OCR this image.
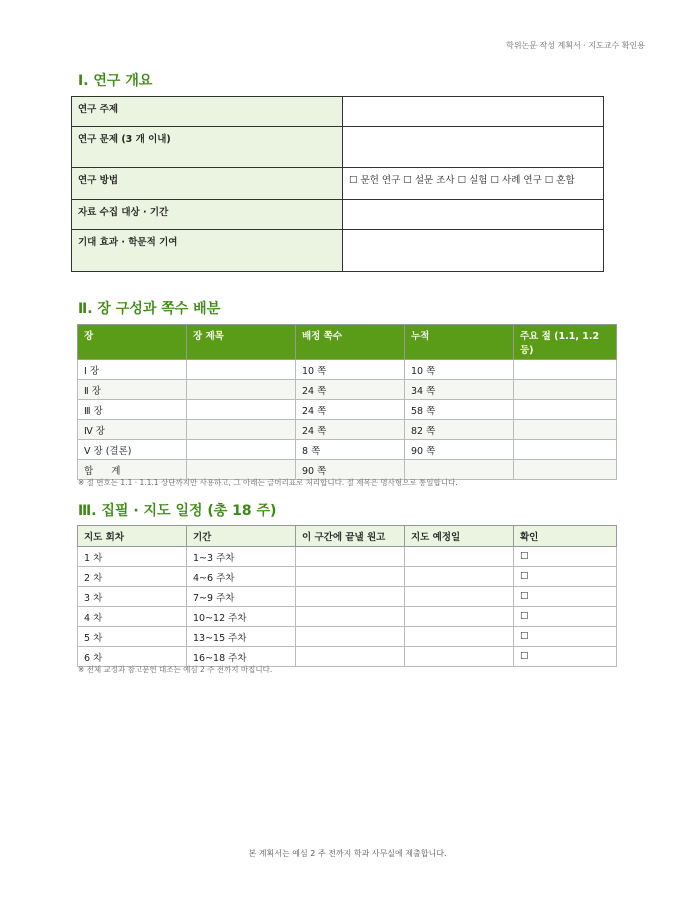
학위논문 작성 계획서 · 지도교수 확인용
Ⅰ. 연구 개요
연구 주제	
연구 문제 (3 개 이내)	
연구 방법	☐ 문헌 연구 ☐ 설문 조사 ☐ 실험 ☐ 사례 연구 ☐ 혼합
자료 수집 대상 · 기간	
기대 효과 · 학문적 기여	
Ⅱ. 장 구성과 쪽수 배분
장	장 제목	배정 쪽수	누적	주요 절 (1.1, 1.2 등)
Ⅰ 장		10 쪽	10 쪽	
Ⅱ 장		24 쪽	34 쪽	
Ⅲ 장		24 쪽	58 쪽	
Ⅳ 장		24 쪽	82 쪽	
Ⅴ 장 (결론)		8 쪽	90 쪽	
합      계		90 쪽		
※ 절 번호는 1.1 · 1.1.1 상단까지만 사용하고, 그 아래는 글머리표로 처리합니다. 절 제목은 명사형으로 통일합니다.
Ⅲ. 집필 · 지도 일정 (총 18 주)
지도 회차	기간	이 구간에 끝낼 원고	지도 예정일	확인
1 차	1~3 주차			☐
2 차	4~6 주차			☐
3 차	7~9 주차			☐
4 차	10~12 주차			☐
5 차	13~15 주차			☐
6 차	16~18 주차			☐
※ 전체 교정과 참고문헌 대조는 예심 2 주 전까지 마칩니다.
본 계획서는 예심 2 주 전까지 학과 사무실에 제출합니다.
